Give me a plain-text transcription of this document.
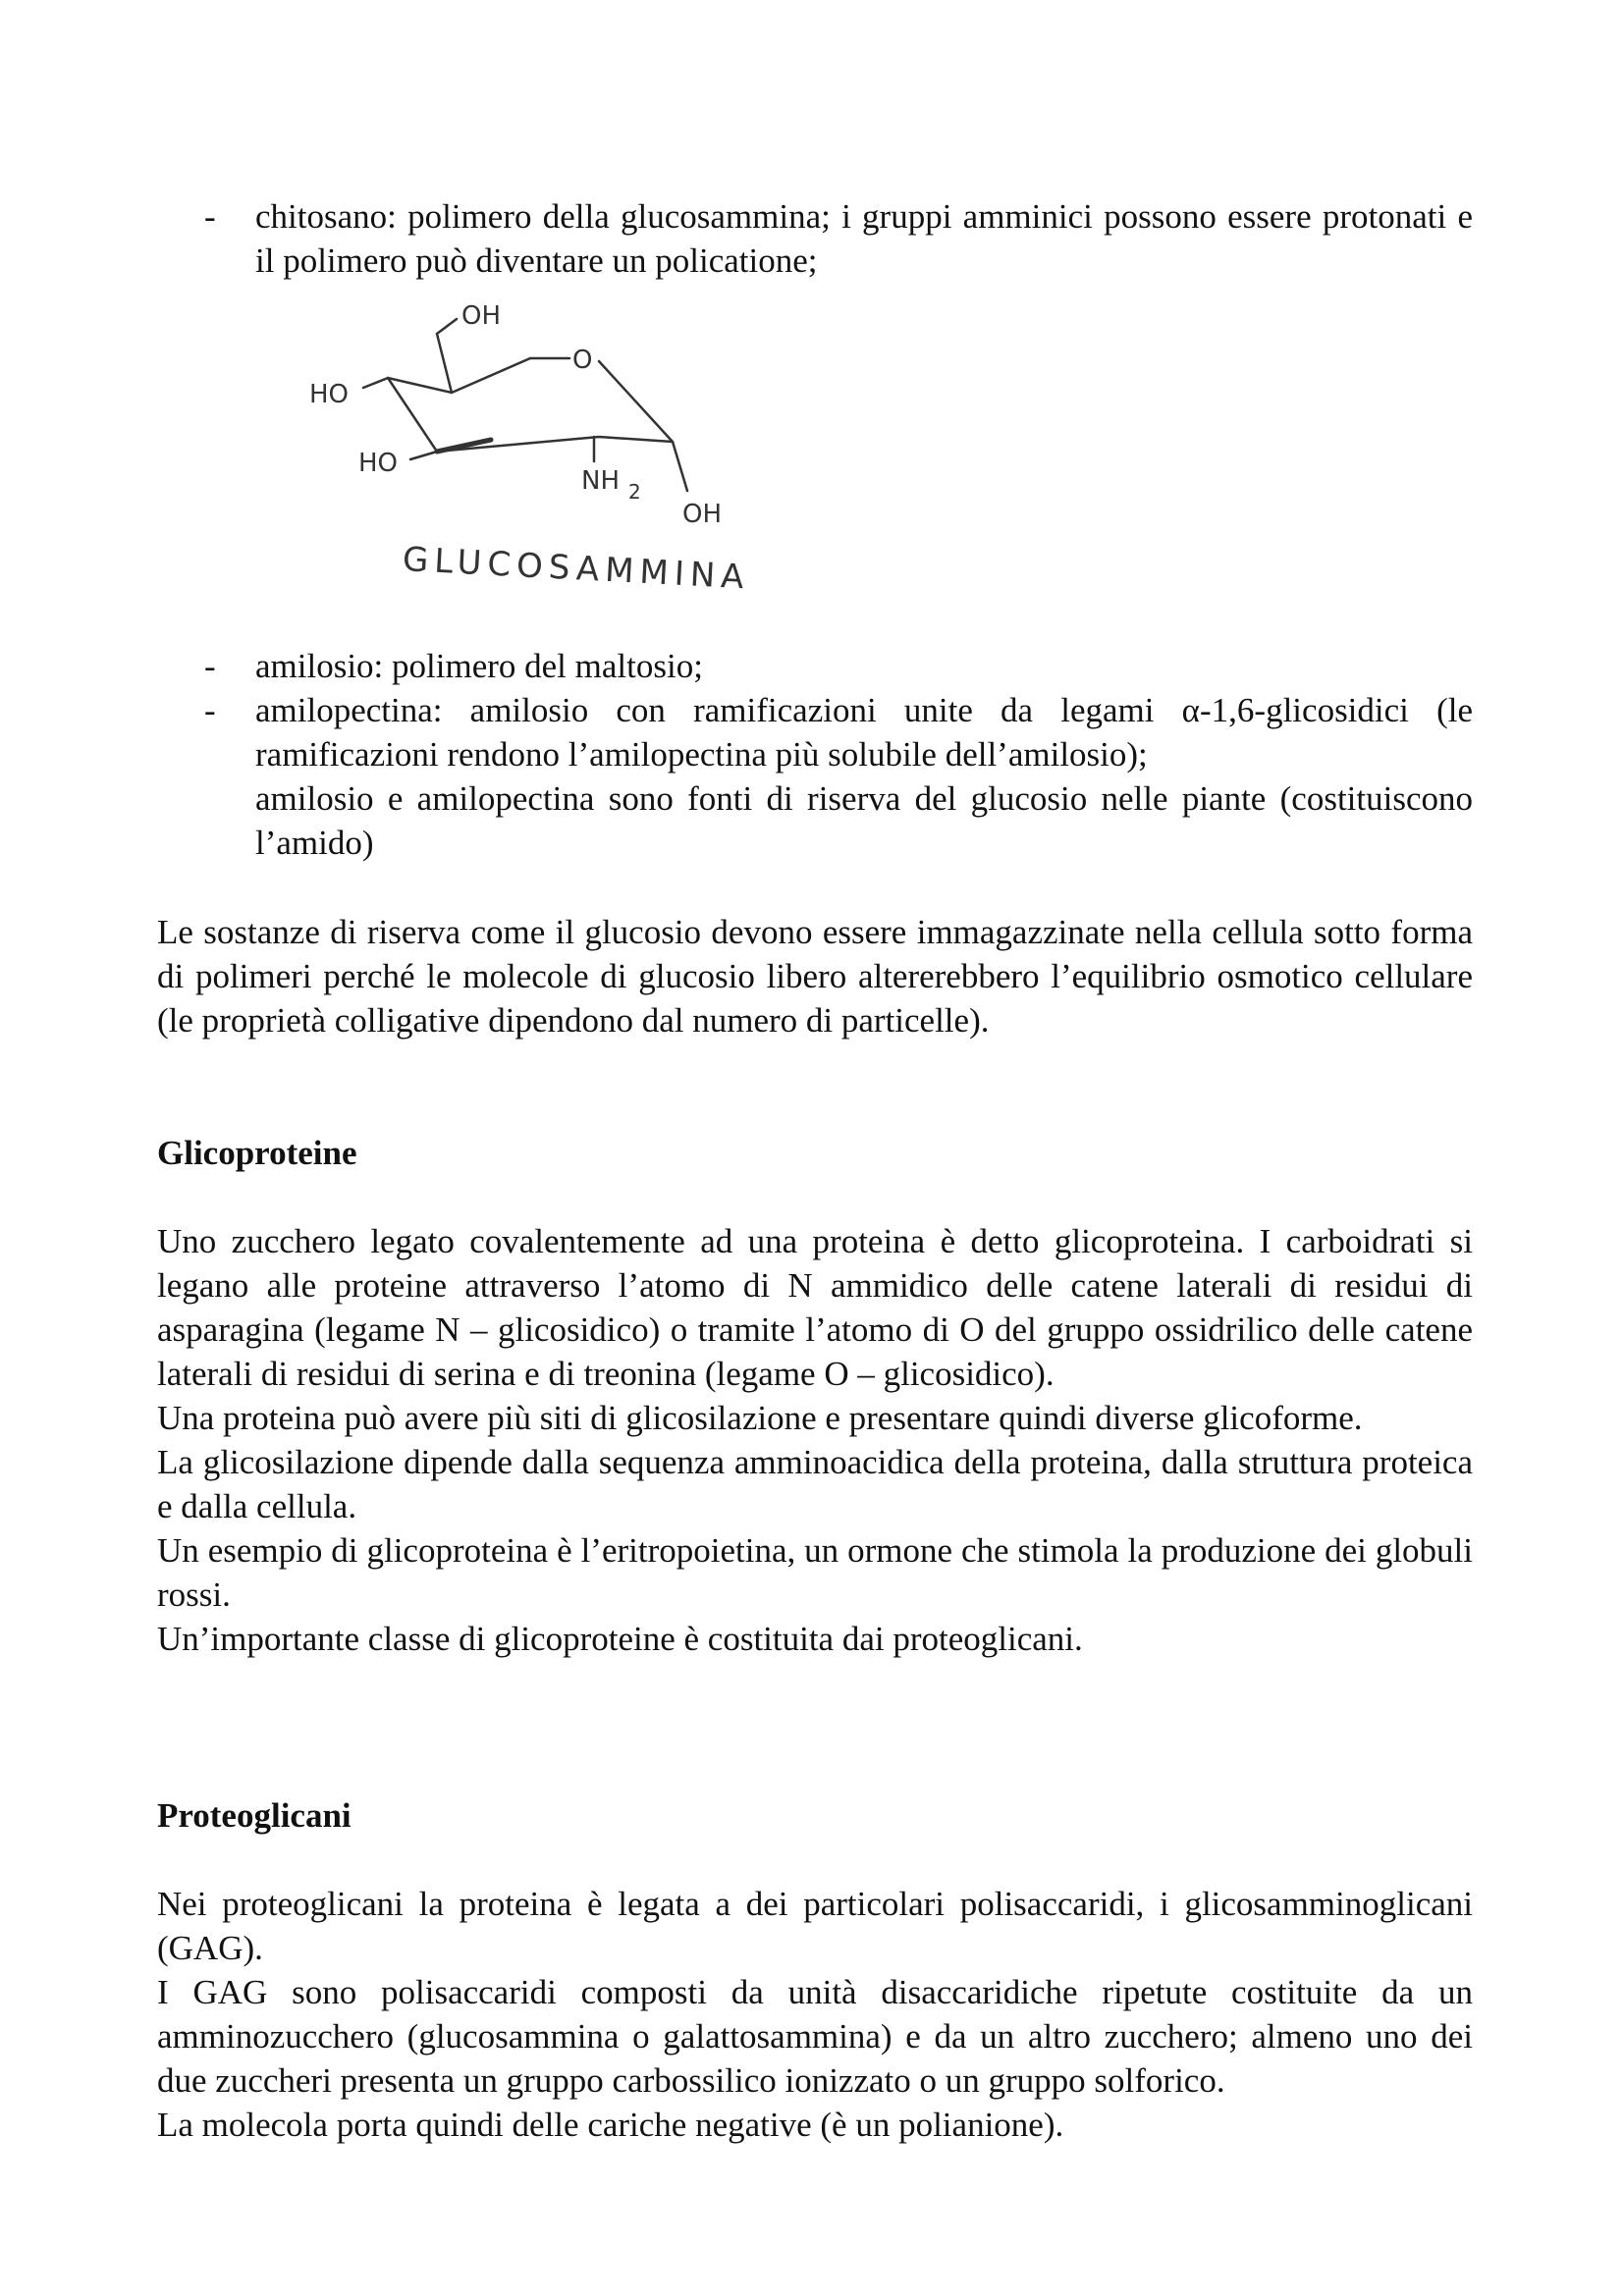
- chitosano: polimero della glucosammina; i gruppi amminici possono essere protonati e il polimero può diventare un policatione;
OH
HO
HO
O
NH 2
OH
GLUCOSAMMINA
- amilosio: polimero del maltosio;
- amilopectina: amilosio con ramificazioni unite da legami α-1,6-glicosidici (le ramificazioni rendono l’amilopectina più solubile dell’amilosio);
amilosio e amilopectina sono fonti di riserva del glucosio nelle piante (costituiscono l’amido)
Le sostanze di riserva come il glucosio devono essere immagazzinate nella cellula sotto forma di polimeri perché le molecole di glucosio libero altererebbero l’equilibrio osmotico cellulare (le proprietà colligative dipendono dal numero di particelle).
Glicoproteine

Uno zucchero legato covalentemente ad una proteina è detto glicoproteina. I carboidrati si legano alle proteine attraverso l’atomo di N ammidico delle catene laterali di residui di asparagina (legame N – glicosidico) o tramite l’atomo di O del gruppo ossidrilico delle catene laterali di residui di serina e di treonina (legame O – glicosidico).

Una proteina può avere più siti di glicosilazione e presentare quindi diverse glicoforme.

La glicosilazione dipende dalla sequenza amminoacidica della proteina, dalla struttura proteica e dalla cellula.

Un esempio di glicoproteina è l’eritropoietina, un ormone che stimola la produzione dei globuli rossi.

Un’importante classe di glicoproteine è costituita dai proteoglicani.

Proteoglicani

Nei proteoglicani la proteina è legata a dei particolari polisaccaridi, i glicosamminoglicani (GAG).

I GAG sono polisaccaridi composti da unità disaccaridiche ripetute costituite da un amminozucchero (glucosammina o galattosammina) e da un altro zucchero; almeno uno dei due zuccheri presenta un gruppo carbossilico ionizzato o un gruppo solforico.

La molecola porta quindi delle cariche negative (è un polianione).
